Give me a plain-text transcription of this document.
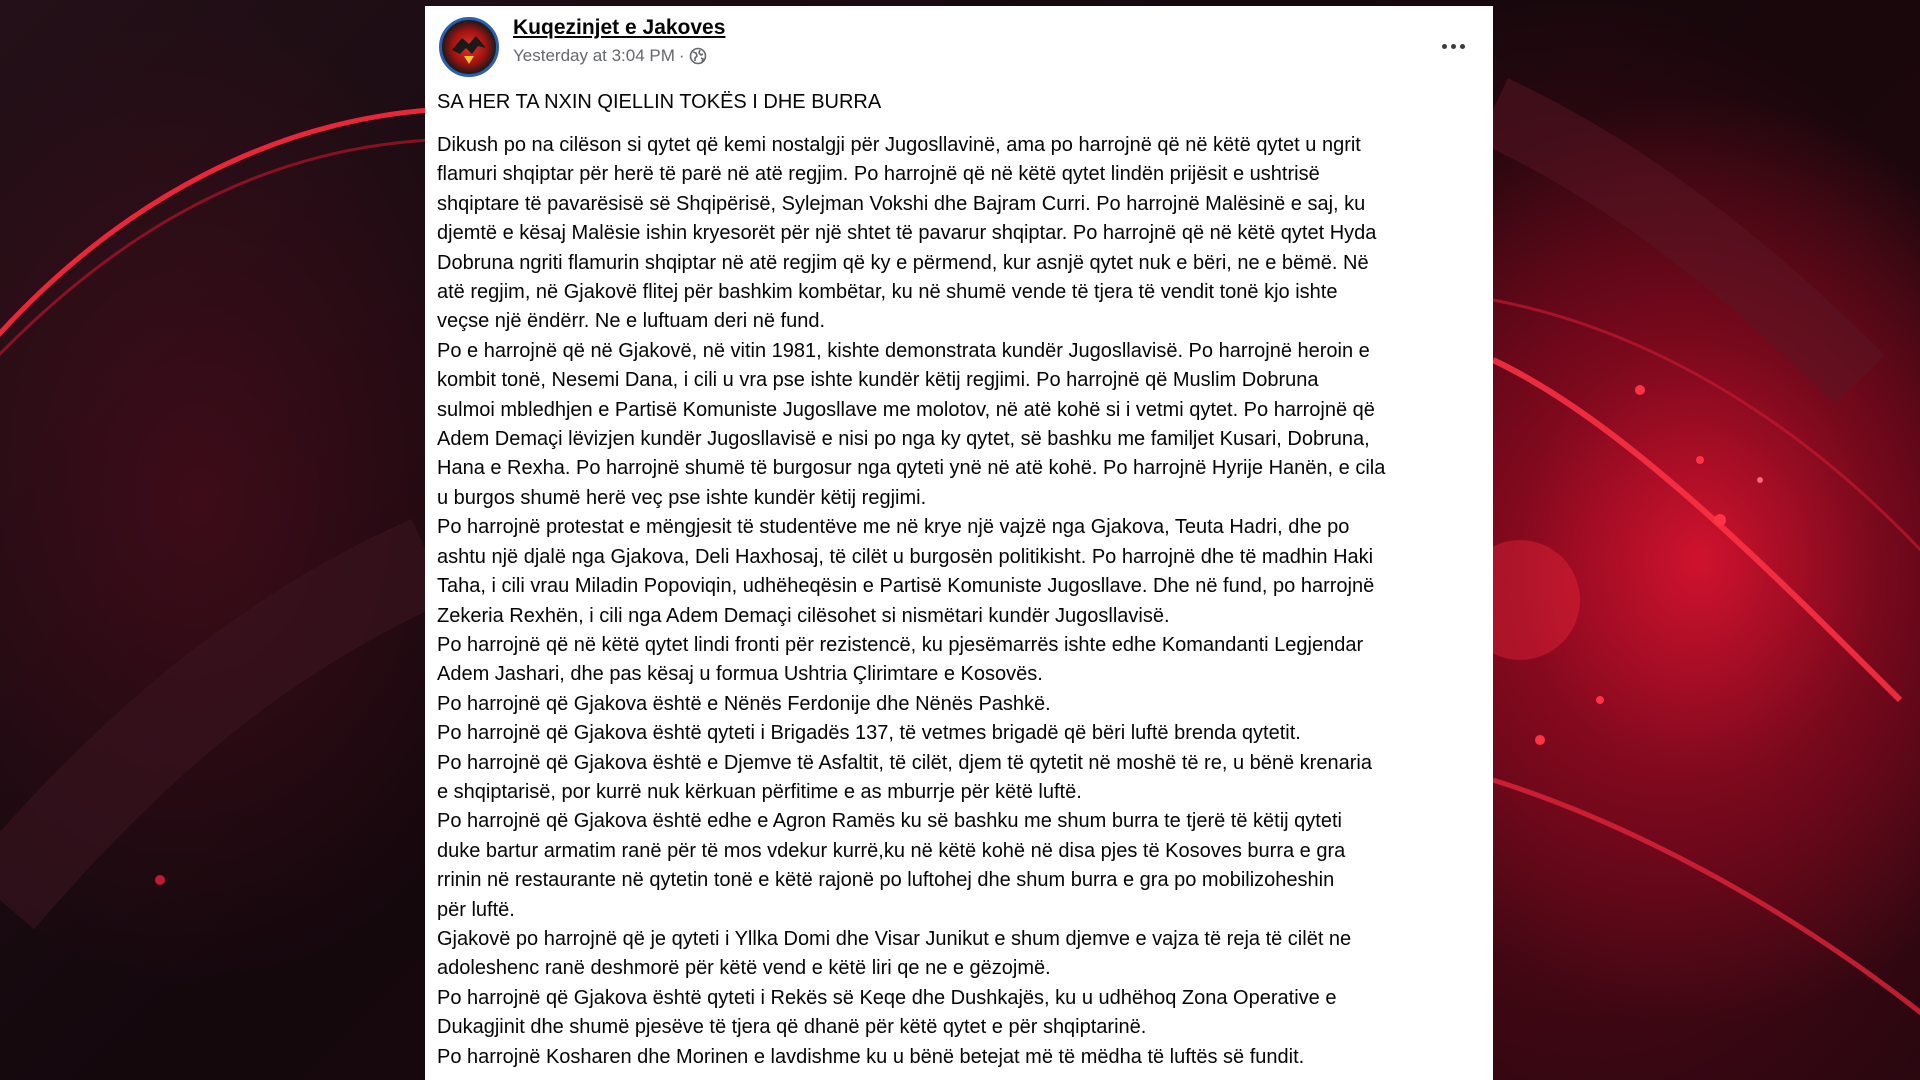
Kuqezinjet e Jakoves
Yesterday at 3:04 PM ·
SA HER TA NXIN QIELLIN TOKËS I DHE BURRA
Dikush po na cilëson si qytet që kemi nostalgji për Jugosllavinë, ama po harrojnë që në këtë qytet u ngrit
flamuri shqiptar për herë të parë në atë regjim. Po harrojnë që në këtë qytet lindën prijësit e ushtrisë
shqiptare të pavarësisë së Shqipërisë, Sylejman Vokshi dhe Bajram Curri. Po harrojnë Malësinë e saj, ku
djemtë e kësaj Malësie ishin kryesorët për një shtet të pavarur shqiptar. Po harrojnë që në këtë qytet Hyda
Dobruna ngriti flamurin shqiptar në atë regjim që ky e përmend, kur asnjë qytet nuk e bëri, ne e bëmë. Në
atë regjim, në Gjakovë flitej për bashkim kombëtar, ku në shumë vende të tjera të vendit tonë kjo ishte
veçse një ëndërr. Ne e luftuam deri në fund.
Po e harrojnë që në Gjakovë, në vitin 1981, kishte demonstrata kundër Jugosllavisë. Po harrojnë heroin e
kombit tonë, Nesemi Dana, i cili u vra pse ishte kundër këtij regjimi. Po harrojnë që Muslim Dobruna
sulmoi mbledhjen e Partisë Komuniste Jugosllave me molotov, në atë kohë si i vetmi qytet. Po harrojnë që
Adem Demaçi lëvizjen kundër Jugosllavisë e nisi po nga ky qytet, së bashku me familjet Kusari, Dobruna,
Hana e Rexha. Po harrojnë shumë të burgosur nga qyteti ynë në atë kohë. Po harrojnë Hyrije Hanën, e cila
u burgos shumë herë veç pse ishte kundër këtij regjimi.
Po harrojnë protestat e mëngjesit të studentëve me në krye një vajzë nga Gjakova, Teuta Hadri, dhe po
ashtu një djalë nga Gjakova, Deli Haxhosaj, të cilët u burgosën politikisht. Po harrojnë dhe të madhin Haki
Taha, i cili vrau Miladin Popoviqin, udhëheqësin e Partisë Komuniste Jugosllave. Dhe në fund, po harrojnë
Zekeria Rexhën, i cili nga Adem Demaçi cilësohet si nismëtari kundër Jugosllavisë.
Po harrojnë që në këtë qytet lindi fronti për rezistencë, ku pjesëmarrës ishte edhe Komandanti Legjendar
Adem Jashari, dhe pas kësaj u formua Ushtria Çlirimtare e Kosovës.
Po harrojnë që Gjakova është e Nënës Ferdonije dhe Nënës Pashkë.
Po harrojnë që Gjakova është qyteti i Brigadës 137, të vetmes brigadë që bëri luftë brenda qytetit.
Po harrojnë që Gjakova është e Djemve të Asfaltit, të cilët, djem të qytetit në moshë të re, u bënë krenaria
e shqiptarisë, por kurrë nuk kërkuan përfitime e as mburrje për këtë luftë.
Po harrojnë që Gjakova është edhe e Agron Ramës ku së bashku me shum burra te tjerë të këtij qyteti
duke bartur armatim ranë për të mos vdekur kurrë,ku në këtë kohë në disa pjes të Kosoves burra e gra
rrinin në restaurante në qytetin tonë e këtë rajonë po luftohej dhe shum burra e gra po mobilizoheshin
për luftë.
Gjakovë po harrojnë që je qyteti i Yllka Domi dhe Visar Junikut e shum djemve e vajza të reja të cilët ne
adoleshenc ranë deshmorë për këtë vend e këtë liri qe ne e gëzojmë.
Po harrojnë që Gjakova është qyteti i Rekës së Keqe dhe Dushkajës, ku u udhëhoq Zona Operative e
Dukagjinit dhe shumë pjesëve të tjera që dhanë për këtë qytet e për shqiptarinë.
Po harrojnë Kosharen dhe Morinen e lavdishme ku u bënë betejat më të mëdha të luftës së fundit.
